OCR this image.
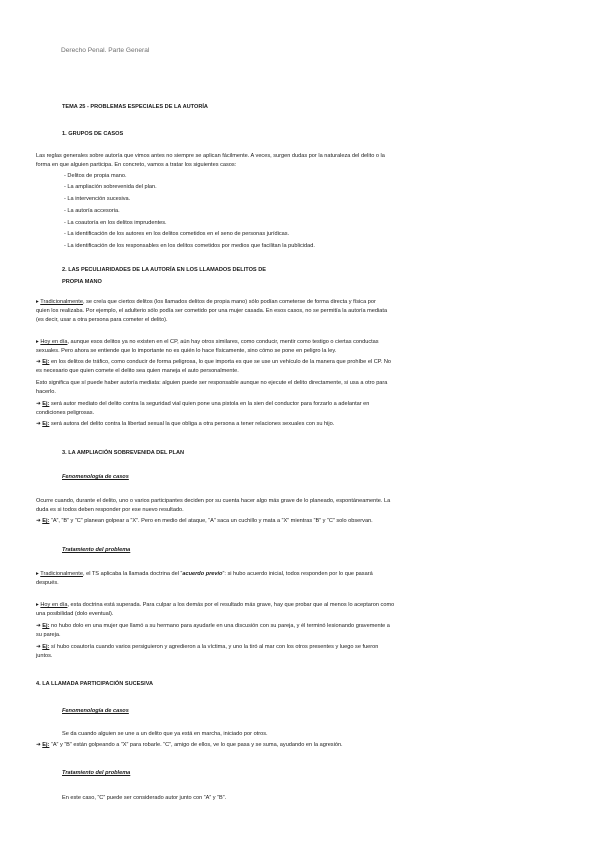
Derecho Penal. Parte General
TEMA 25 - PROBLEMAS ESPECIALES DE LA AUTORÍA
1. GRUPOS DE CASOS
Las reglas generales sobre autoría que vimos antes no siempre se aplican fácilmente. A veces, surgen dudas por la naturaleza del delito o la
forma en que alguien participa. En concreto, vamos a tratar los siguientes casos:
- Delitos de propia mano.
- La ampliación sobrevenida del plan.
- La intervención sucesiva.
- La autoría accesoria.
- La coautoría en los delitos imprudentes.
- La identificación de los autores en los delitos cometidos en el seno de personas jurídicas.
- La identificación de los responsables en los delitos cometidos por medios que facilitan la publicidad.
2. LAS PECULIARIDADES DE LA AUTORÍA EN LOS LLAMADOS DELITOS DE
PROPIA MANO
▸ Tradicionalmente, se creía que ciertos delitos (los llamados delitos de propia mano) sólo podían cometerse de forma directa y física por
quien los realizaba. Por ejemplo, el adulterio sólo podía ser cometido por una mujer casada. En esos casos, no se permitía la autoría mediata
(es decir, usar a otra persona para cometer el delito).
▸ Hoy en día, aunque esos delitos ya no existen en el CP, aún hay otros similares, como conducir, mentir como testigo o ciertas conductas
sexuales. Pero ahora se entiende que lo importante no es quién lo hace físicamente, sino cómo se pone en peligro la ley.
➜ Ej: en los delitos de tráfico, como conducir de forma peligrosa, lo que importa es que se use un vehículo de la manera que prohíbe el CP. No
es necesario que quien comete el delito sea quien maneja el auto personalmente.
Esto significa que sí puede haber autoría mediata: alguien puede ser responsable aunque no ejecute el delito directamente, si usa a otro para
hacerlo.
➜ Ej: será autor mediato del delito contra la seguridad vial quien pone una pistola en la sien del conductor para forzarlo a adelantar en
condiciones peligrosas.
➜ Ej: será autora del delito contra la libertad sexual la que obliga a otra persona a tener relaciones sexuales con su hijo.
3. LA AMPLIACIÓN SOBREVENIDA DEL PLAN
Fenomenología de casos
Ocurre cuando, durante el delito, uno o varios participantes deciden por su cuenta hacer algo más grave de lo planeado, espontáneamente. La
duda es si todos deben responder por ese nuevo resultado.
➜ Ej: “A”, “B” y “C” planean golpear a “X”. Pero en medio del ataque, “A” saca un cuchillo y mata a “X” mientras “B” y “C” solo observan.
Tratamiento del problema
▸ Tradicionalmente, el TS aplicaba la llamada doctrina del “acuerdo previo”: si hubo acuerdo inicial, todos responden por lo que pasará
después.
▸ Hoy en día, esta doctrina está superada. Para culpar a los demás por el resultado más grave, hay que probar que al menos lo aceptaron como
una posibilidad (dolo eventual).
➜ Ej: no hubo dolo en una mujer que llamó a su hermano para ayudarle en una discusión con su pareja, y él terminó lesionando gravemente a
su pareja.
➜ Ej: sí hubo coautoría cuando varios persiguieron y agredieron a la víctima, y uno la tiró al mar con los otros presentes y luego se fueron
juntos.
4. LA LLAMADA PARTICIPACIÓN SUCESIVA
Fenomenología de casos
Se da cuando alguien se une a un delito que ya está en marcha, iniciado por otros.
➜ Ej: “A” y “B” están golpeando a “X” para robarle. “C”, amigo de ellos, ve lo que pasa y se suma, ayudando en la agresión.
Tratamiento del problema
En este caso, “C” puede ser considerado autor junto con “A” y “B”.
